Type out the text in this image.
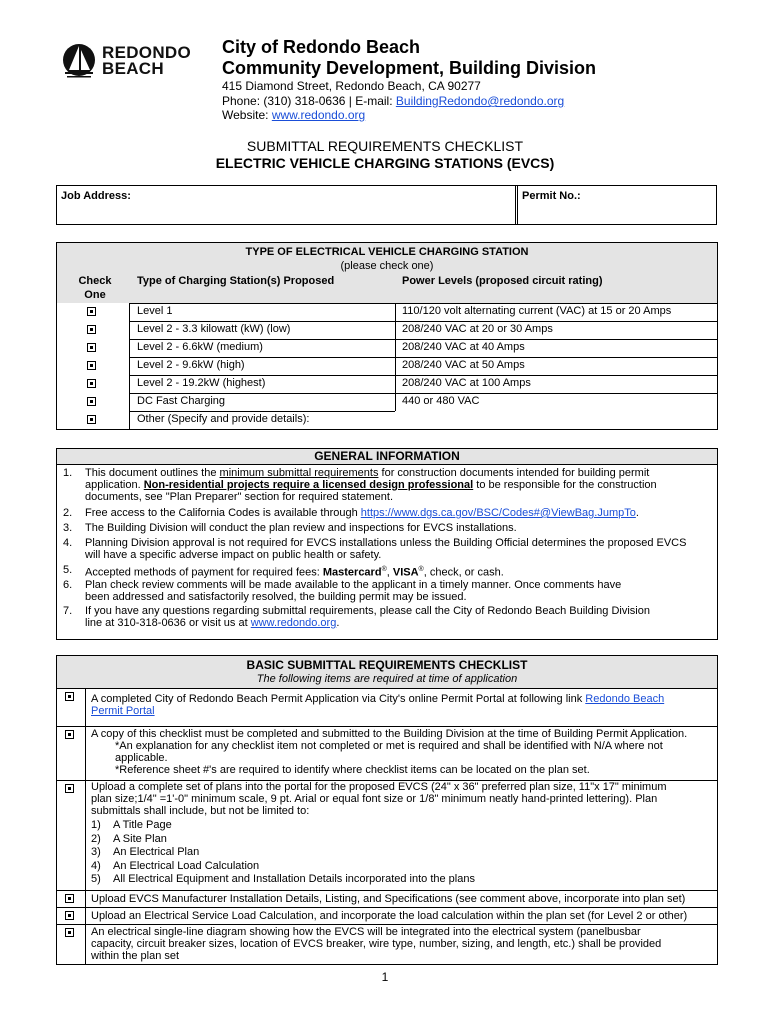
REDONDO
BEACH
City of Redondo Beach
Community Development, Building Division
415 Diamond Street, Redondo Beach, CA 90277
Phone: (310) 318-0636 | E-mail: BuildingRedondo@redondo.org
Website: www.redondo.org
SUBMITTAL REQUIREMENTS CHECKLIST
ELECTRIC VEHICLE CHARGING STATIONS (EVCS)
Job Address:	Permit No.:
TYPE OF ELECTRICAL VEHICLE CHARGING STATION
(please check one)
Check
One
Type of Charging Station(s) Proposed	Power Levels (proposed circuit rating)
Level 1	110/120 volt alternating current (VAC) at 15 or 20 Amps
Level 2 - 3.3 kilowatt (kW) (low)	208/240 VAC at 20 or 30 Amps
Level 2 - 6.6kW (medium)	208/240 VAC at 40 Amps
Level 2 - 9.6kW (high)	208/240 VAC at 50 Amps
Level 2 - 19.2kW (highest)	208/240 VAC at 100 Amps
DC Fast Charging	440 or 480 VAC
Other (Specify and provide details):
GENERAL INFORMATION
1. This document outlines the minimum submittal requirements for construction documents intended for building permit
application. Non-residential projects require a licensed design professional to be responsible for the construction
documents, see "Plan Preparer" section for required statement.
2. Free access to the California Codes is available through https://www.dgs.ca.gov/BSC/Codes#@ViewBag.JumpTo.
3. The Building Division will conduct the plan review and inspections for EVCS installations.
4. Planning Division approval is not required for EVCS installations unless the Building Official determines the proposed EVCS
will have a specific adverse impact on public health or safety.
5. Accepted methods of payment for required fees: Mastercard®, VISA®, check, or cash.
6. Plan check review comments will be made available to the applicant in a timely manner. Once comments have
been addressed and satisfactorily resolved, the building permit may be issued.
7. If you have any questions regarding submittal requirements, please call the City of Redondo Beach Building Division
line at 310-318-0636 or visit us at www.redondo.org.
BASIC SUBMITTAL REQUIREMENTS CHECKLIST
The following items are required at time of application
A completed City of Redondo Beach Permit Application via City's online Permit Portal at following link Redondo Beach
Permit Portal
A copy of this checklist must be completed and submitted to the Building Division at the time of Building Permit Application.
*An explanation for any checklist item not completed or met is required and shall be identified with N/A where not
applicable.
*Reference sheet #'s are required to identify where checklist items can be located on the plan set.
Upload a complete set of plans into the portal for the proposed EVCS (24" x 36" preferred plan size, 11"x 17" minimum
plan size;1/4" =1'-0" minimum scale, 9 pt. Arial or equal font size or 1/8" minimum neatly hand-printed lettering). Plan
submittals shall include, but not be limited to:
1) A Title Page
2) A Site Plan
3) An Electrical Plan
4) An Electrical Load Calculation
5) All Electrical Equipment and Installation Details incorporated into the plans
Upload EVCS Manufacturer Installation Details, Listing, and Specifications (see comment above, incorporate into plan set)
Upload an Electrical Service Load Calculation, and incorporate the load calculation within the plan set (for Level 2 or other)
An electrical single-line diagram showing how the EVCS will be integrated into the electrical system (panelbusbar
capacity, circuit breaker sizes, location of EVCS breaker, wire type, number, sizing, and length, etc.) shall be provided
within the plan set
1
